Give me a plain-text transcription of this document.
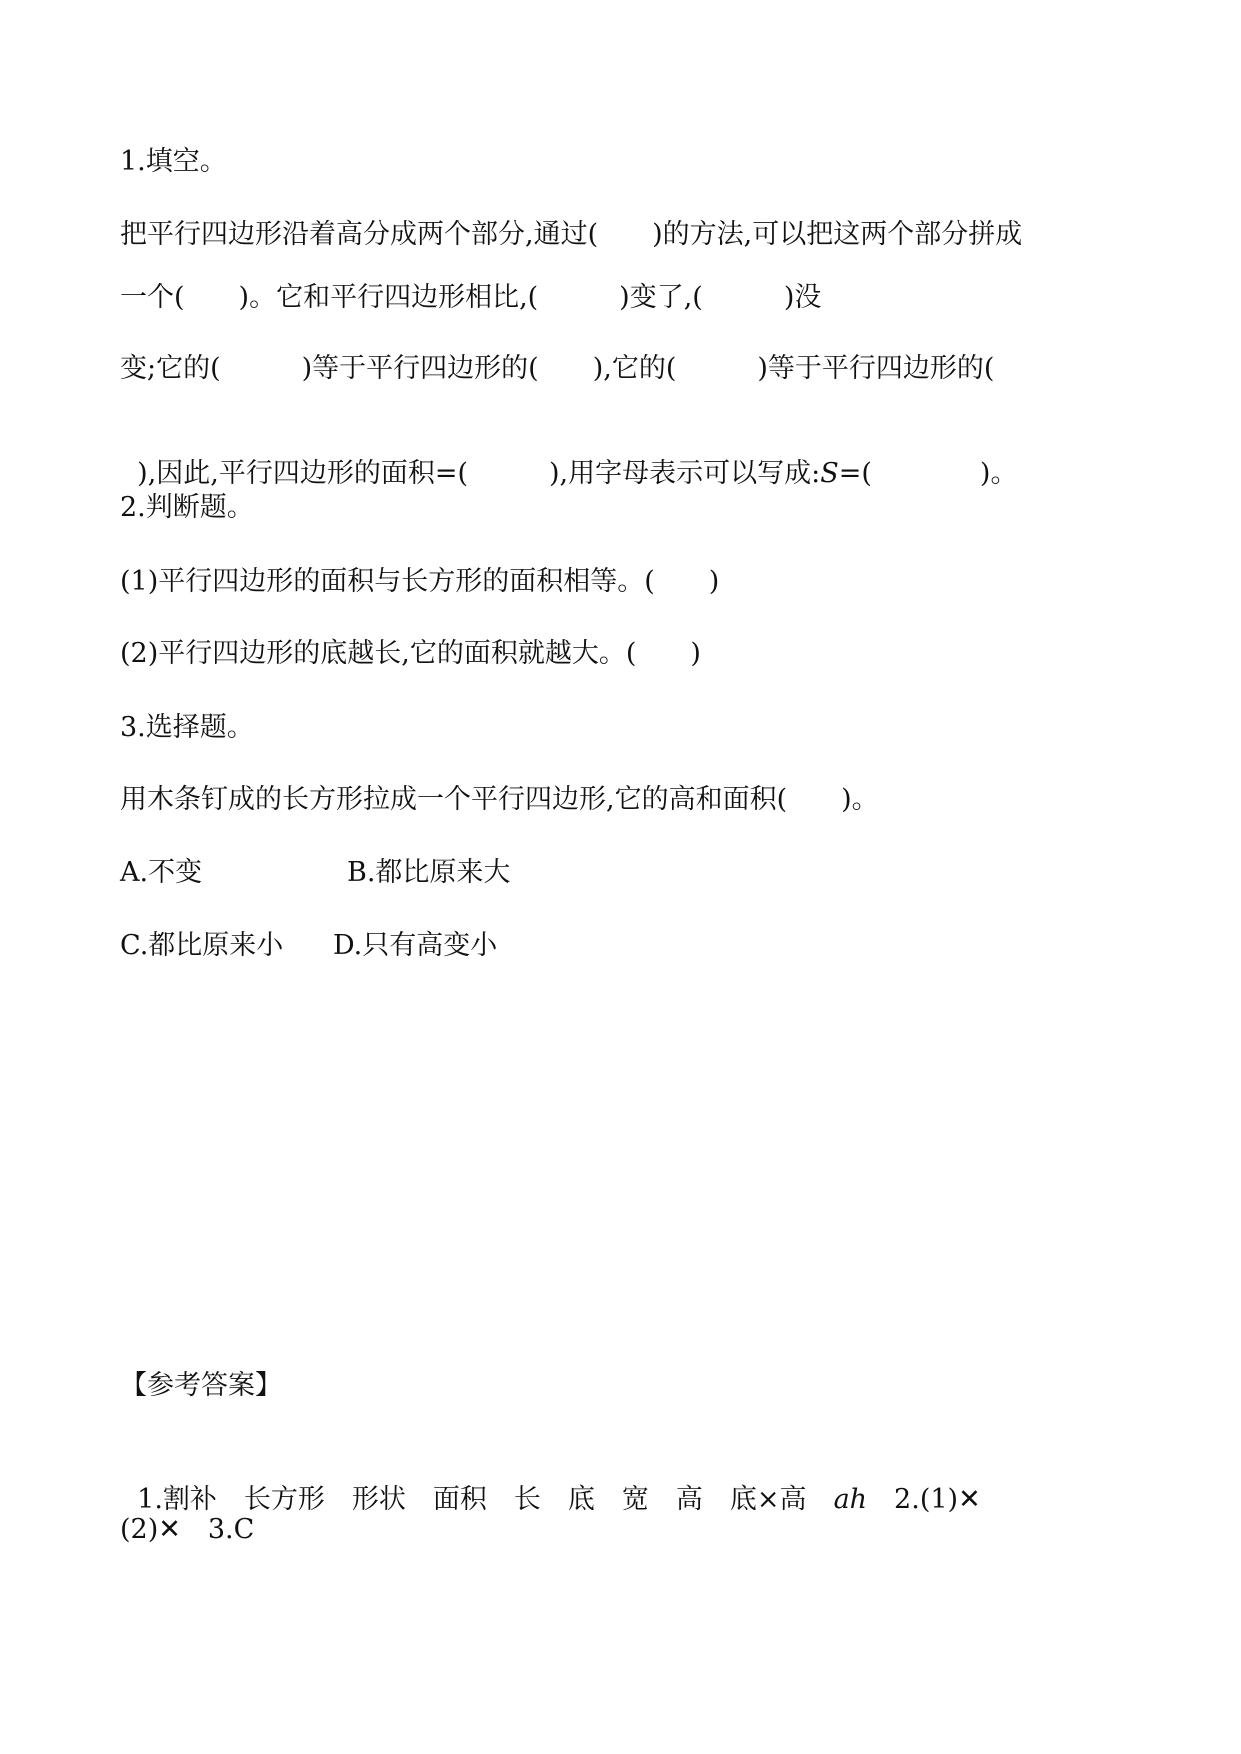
1.填空。
把平行四边形沿着高分成两个部分,通过(　　)的方法,可以把这两个部分拼成
一个(　　)。它和平行四边形相比,(　　　)变了,(　　　)没
变;它的(　　　)等于平行四边形的(　　),它的(　　　)等于平行四边形的(

),因此,平行四边形的面积=(　　　),用字母表示可以写成:S=(　　　　)。

2.判断题。
(1)平行四边形的面积与长方形的面积相等。(　　)
(2)平行四边形的底越长,它的面积就越大。(　　)
3.选择题。
用木条钉成的长方形拉成一个平行四边形,它的高和面积(　　)。
A.不变	B.都比原来大
C.都比原来小 D.只有高变小
【参考答案】

1.割补　长方形　形状　面积　长　底　宽　高　底×高　ah　2.(1)✕

(2)✕　3.C
